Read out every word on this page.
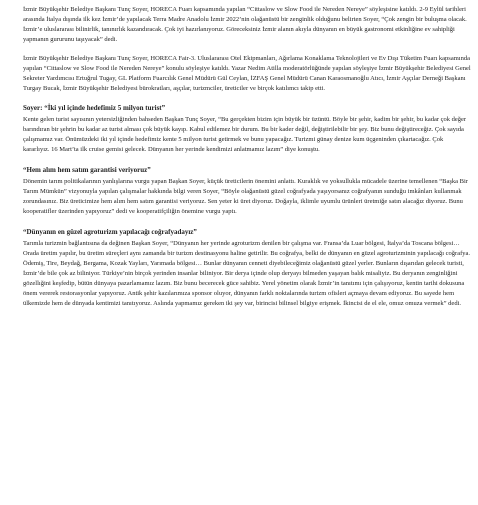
İzmir Büyükşehir Belediye Başkanı Tunç Soyer, HORECA Fuarı kapsamında yapılan “Cittaslow ve Slow Food ile Nereden Nereye” söyleşisine katıldı. 2-9 Eylül tarihleri arasında İtalya dışında ilk kez İzmir’de yapılacak Terra Madre Anadolu İzmir 2022’nin olağanüstü bir zenginlik olduğunu belirten Soyer, “Çok zengin bir buluşma olacak. İzmir’e uluslararası bilinirlik, tanınırlık kazandıracak. Çok iyi hazırlanıyoruz. Göreceksiniz İzmir alanın akıyla dünyanın en büyük gastronomi etkinliğine ev sahipliği yapmanın gururunu taşıyacak” dedi.

İzmir Büyükşehir Belediye Başkanı Tunç Soyer, HORECA Fair-3. Uluslararası Otel Ekipmanları, Ağırlama Konaklama Teknolojileri ve Ev Dışı Tüketim Fuarı kapsamında yapılan “Cittaslow ve Slow Food ile Nereden Nereye” konulu söyleşiye katıldı. Yazar Nedim Atilla moderatörlüğünde yapılan söyleşiye İzmir Büyükşehir Belediyesi Genel Sekreter Yardımcısı Ertuğrul Tugay, GL Platform Fuarcılık Genel Müdürü Gül Ceylan, İZFAŞ Genel Müdürü Canan Karaosmanoğlu Atıcı, İzmir Aşçılar Derneği Başkanı Turgay Bucak, İzmir Büyükşehir Belediyesi bürokratları, aşçılar, turizmciler, üreticiler ve birçok katılımcı takip etti.

Soyer: “İki yıl içinde hedefimiz 5 milyon turist”

Kente gelen turist sayısının yetersizliğinden bahseden Başkan Tunç Soyer, “Bu gerçekten bizim için büyük bir üzüntü. Böyle bir şehir, kadim bir şehir, bu kadar çok değer barındıran bir şehrin bu kadar az turist alması çok büyük kayıp. Kabul edilemez bir durum. Bu bir kader değil, değiştirilebilir bir şey. Biz bunu değiştireceğiz. Çok sayıda çalışmamız var. Önümüzdeki iki yıl içinde hedefimiz kente 5 milyon turist getirmek ve bunu yapacağız. Turizmi günay denize kum üçgeninden çıkartacağız. Çok kararlıyız. 16 Mart’ta ilk cruise gemisi gelecek. Dünyanın her yerinde kendimizi anlatmamız lazım” diye konuştu.

“Hem alım hem satım garantisi veriyoruz”

Dönemin tarım politikalarının yanlışlarına vurgu yapan Başkan Soyer, küçük üreticilerin önemini anlattı. Kuraklık ve yoksullukla mücadele üzerine temellenen “Başka Bir Tarım Mümkün” vizyonuyla yapılan çalışmalar hakkında bilgi veren Soyer, “Böyle olağanüstü güzel coğrafyada yaşıyorsanız coğrafyanın sunduğu imkânları kullanmak zorundasınız. Biz üreticimize hem alım hem satım garantisi veriyoruz. Sen yeter ki üret diyoruz. Doğayla, iklimle uyumlu ürünleri üretmiğe satın alacağız diyoruz. Bunu kooperatifler üzerinden yapıyoruz” dedi ve kooperatifçiliğin önemine vurgu yaptı.

“Dünyanın en güzel agroturizm yapılacağı coğrafyadayız”

Tarımla turizmin bağlantısına da değinen Başkan Soyer, “Dünyanın her yerinde agroturizm denilen bir çalışma var. Fransa’da Luar bölgesi, İtalya’da Toscana bölgesi… Orada üretim yapılır, bu üretim süreçleri aynı zamanda bir turizm destinasyonu haline getirilir. Bu coğrafya, belki de dünyanın en güzel agroturizminin yapılacağı coğrafya. Ödemiş, Tire, Beydağ, Bergama, Kozak Yayları, Yarımada bölgesi… Bunlar dünyanın cenneti diyebileceğimiz olağanüstü güzel yerler. Bunların dışarıdan gelecek turisti, İzmir’de bile çok az biliniyor. Türkiye’nin birçok yerinden insanlar biliniyor. Bir derya içinde olup deryayı bilmeden yaşayan balık misaliyiz. Bu deryanın zenginliğini gözellığini keşfedip, bütün dünyaya pazarlamamız lazım. Biz bunu becerecek güce sahibiz. Yerel yönetim olarak İzmir’in tanıtımı için çalışıyoruz, kentin tarihi dokusuna önem vererek restorasyonlar yapıyoruz. Antik şehir kazılarımıza sponsor oluyor, dünyanın farklı noktalarında turizm ofisleri açmaya devam ediyoruz. Bu sayede hem ülkemizde hem de dünyada kentimizi tanıtıyoruz. Aslında yapmamız gereken iki şey var, birincisi bilinsel bilgiye erişmek. İkincisi de el ele, omuz omuza vermek” dedi.
